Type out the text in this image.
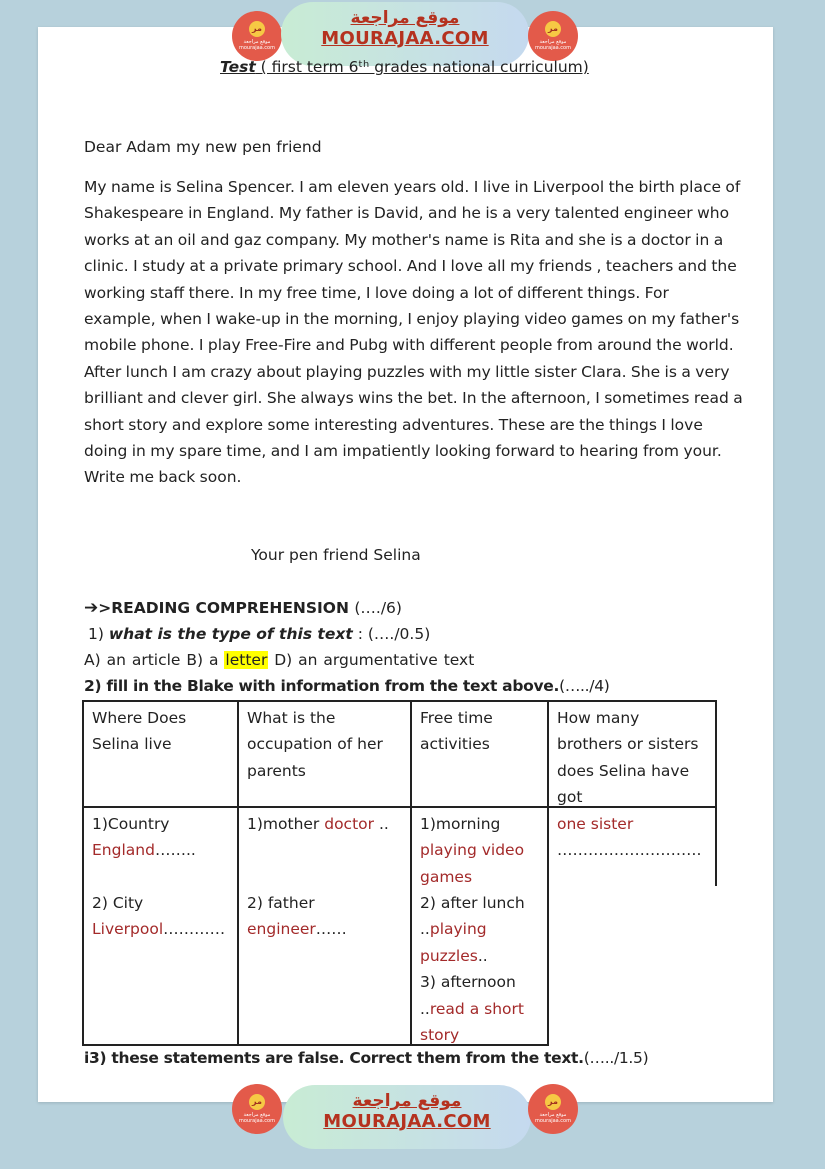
مر
موقع مراجعة mourajaa.com
موقع مراجعة
MOURAJAA.COM	مر
موقع مراجعة mourajaa.com
Test ( first term 6ᵗʰ grades national curriculum)
Dear Adam my new pen friend
My name is Selina Spencer. I am eleven years old. I live in Liverpool the birth place of Shakespeare in England. My father is David, and he is a very talented engineer who works at an oil and gaz company. My mother's name is Rita and she is a doctor in a clinic. I study at a private primary school. And I love all my friends , teachers and the working staff there. In my free time, I love doing a lot of different things. For example, when I wake-up in the morning, I enjoy playing video games on my father's mobile phone. I play Free-Fire and Pubg with different people from around the world. After lunch I am crazy about playing puzzles with my little sister Clara. She is a very brilliant and clever girl. She always wins the bet. In the afternoon, I sometimes read a short story and explore some interesting adventures. These are the things I love doing in my spare time, and I am impatiently looking forward to hearing from your. Write me back soon.
Your pen friend Selina
➔>READING COMPREHENSION (…./6)
1) what is the type of this text : (…./0.5)
A) an article B) a letter D) an argumentative text
2) fill in the Blake with information from the text above.(…../4)
Where Does Selina live
What is the occupation of her parents
Free time activities
How many brothers or sisters does Selina have got
1)Country
England……..
1)mother doctor ..	1)morning
playing video games
one sister
……………………….
2) City
Liverpool…………
2) father
engineer……
2) after lunch
..playing puzzles..
3) afternoon
..read a short story
i3) these statements are false. Correct them from the text.(…../1.5)
مر
موقع مراجعة mourajaa.com
موقع مراجعة
MOURAJAA.COM
مر
موقع مراجعة mourajaa.com
